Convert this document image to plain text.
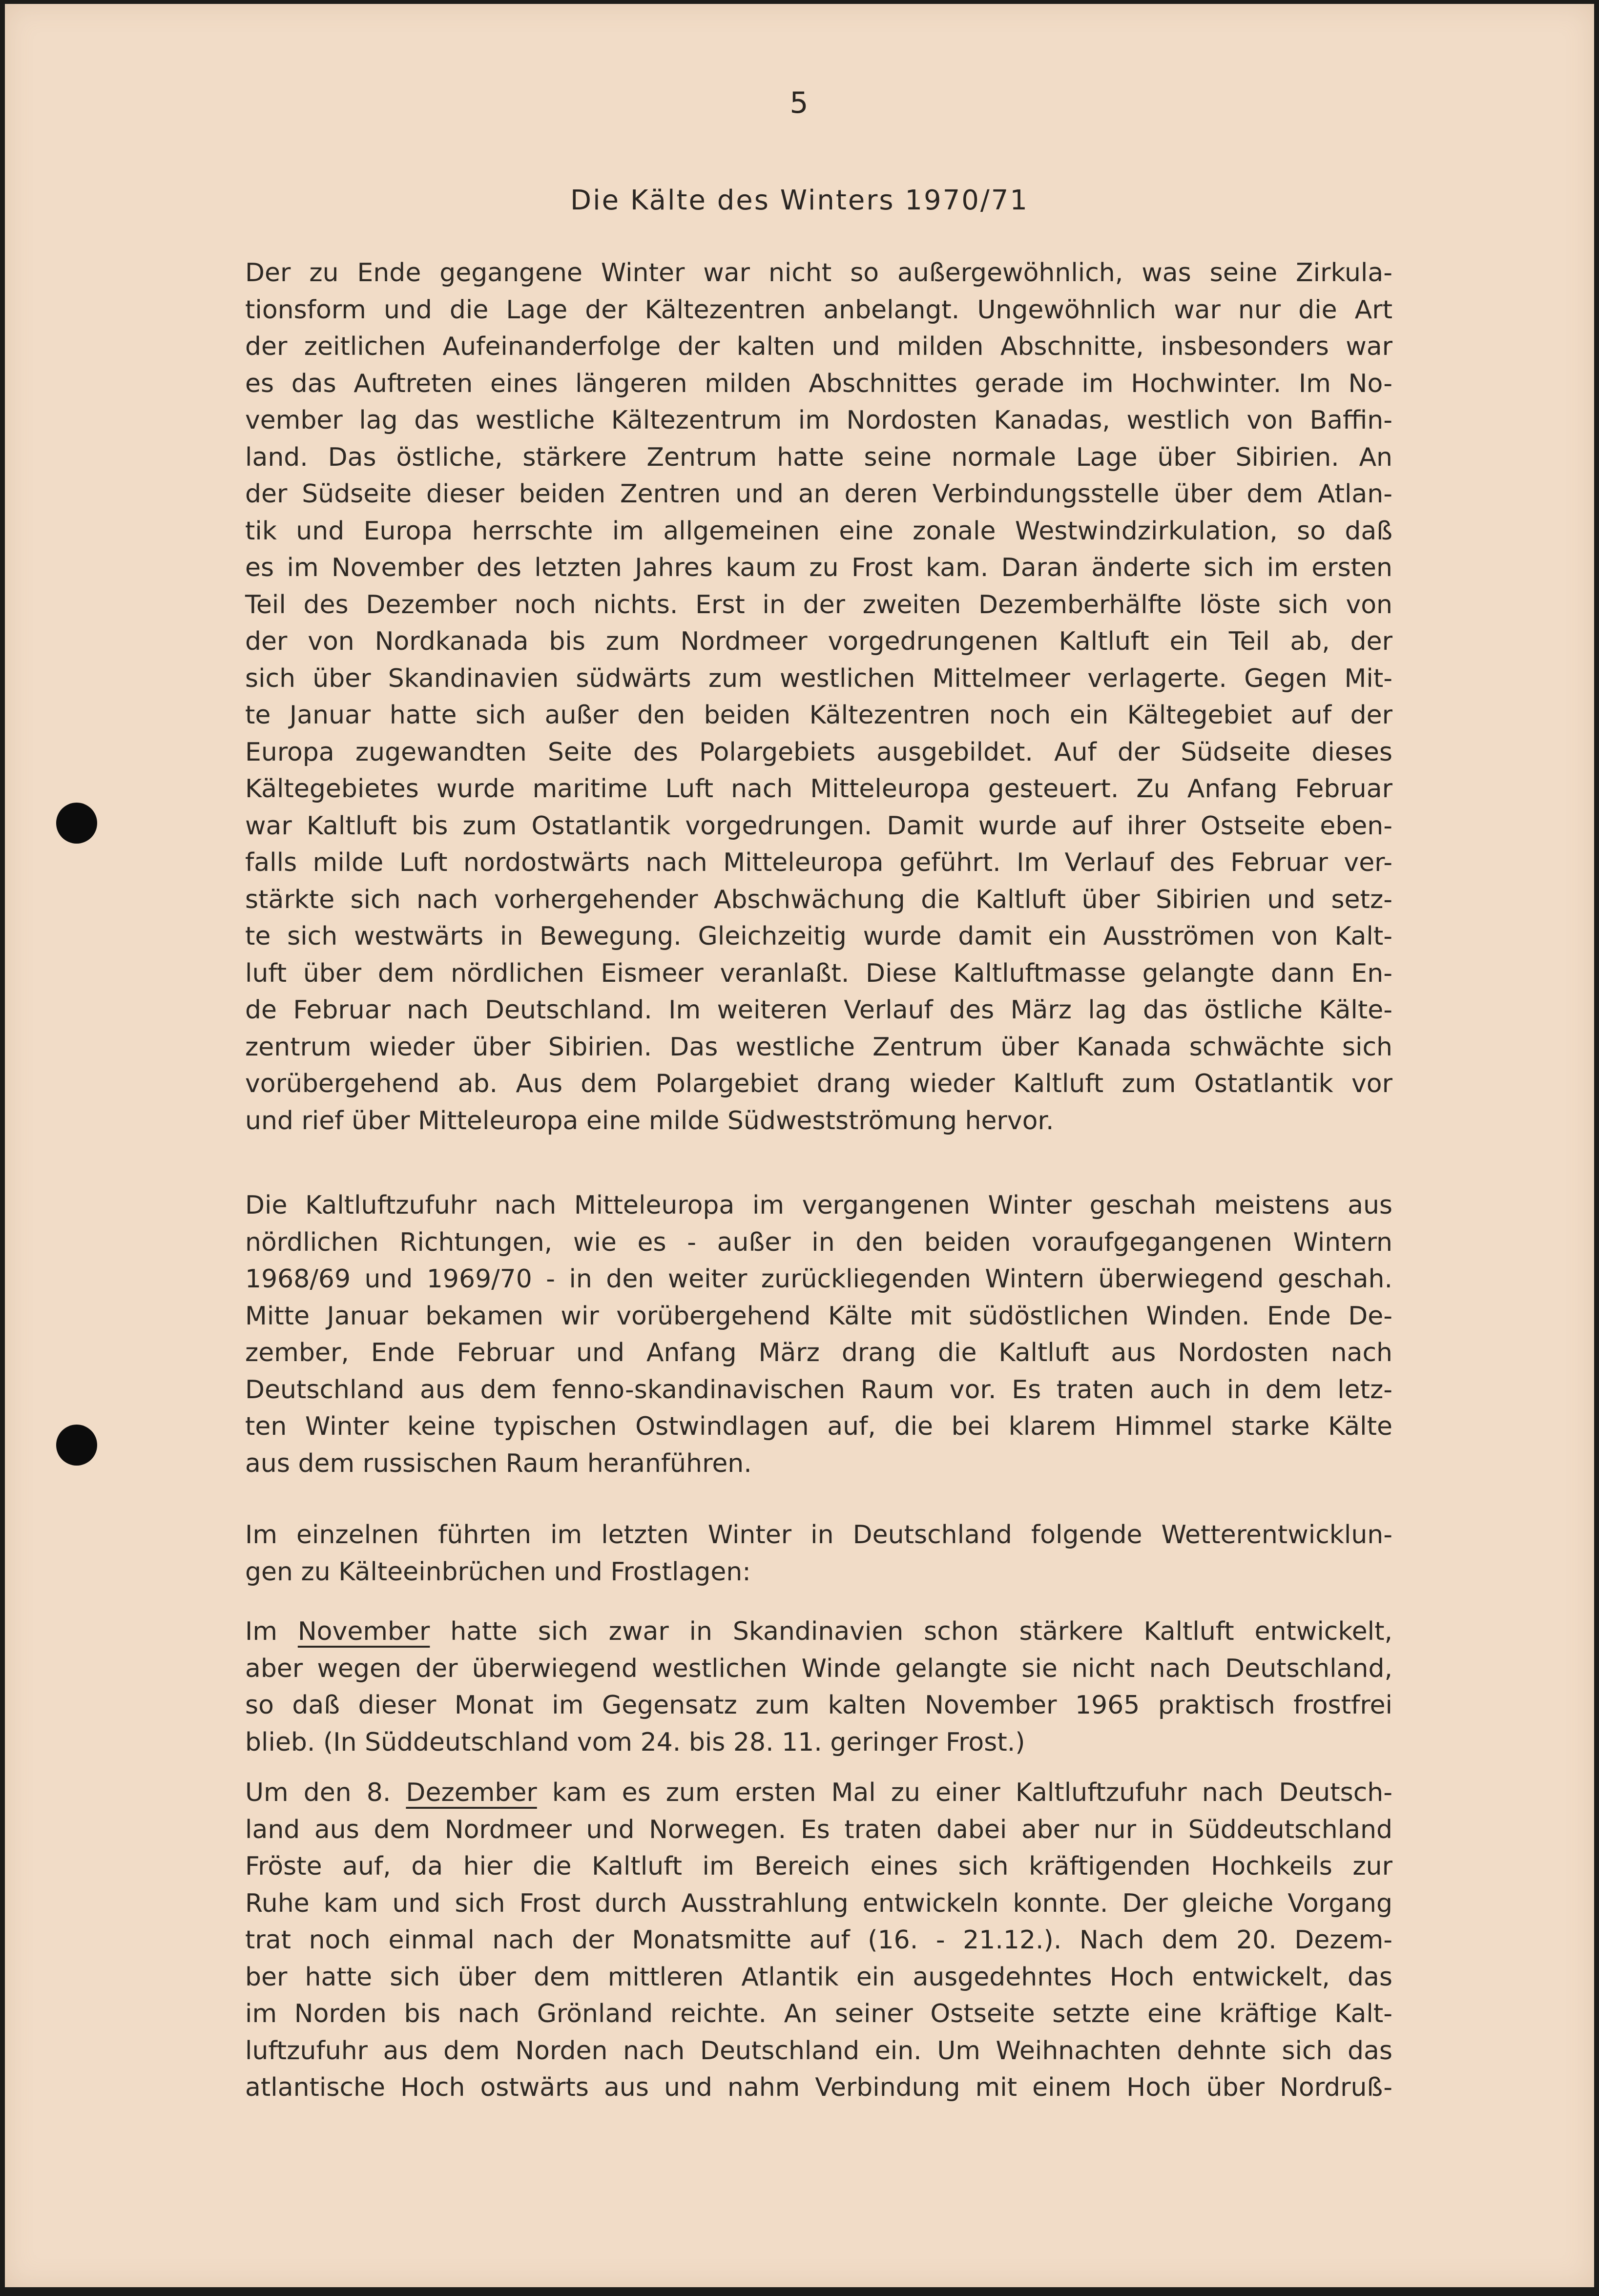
5
Die Kälte des Winters 1970/71
Der zu Ende gegangene Winter war nicht so außergewöhnlich, was seine Zirkula-
tionsform und die Lage der Kältezentren anbelangt. Ungewöhnlich war nur die Art
der zeitlichen Aufeinanderfolge der kalten und milden Abschnitte, insbesonders war
es das Auftreten eines längeren milden Abschnittes gerade im Hochwinter. Im No-
vember lag das westliche Kältezentrum im Nordosten Kanadas, westlich von Baffin-
land. Das östliche, stärkere Zentrum hatte seine normale Lage über Sibirien. An
der Südseite dieser beiden Zentren und an deren Verbindungsstelle über dem Atlan-
tik und Europa herrschte im allgemeinen eine zonale Westwindzirkulation, so daß
es im November des letzten Jahres kaum zu Frost kam. Daran änderte sich im ersten
Teil des Dezember noch nichts. Erst in der zweiten Dezemberhälfte löste sich von
der von Nordkanada bis zum Nordmeer vorgedrungenen Kaltluft ein Teil ab, der
sich über Skandinavien südwärts zum westlichen Mittelmeer verlagerte. Gegen Mit-
te Januar hatte sich außer den beiden Kältezentren noch ein Kältegebiet auf der
Europa zugewandten Seite des Polargebiets ausgebildet. Auf der Südseite dieses
Kältegebietes wurde maritime Luft nach Mitteleuropa gesteuert. Zu Anfang Februar
war Kaltluft bis zum Ostatlantik vorgedrungen. Damit wurde auf ihrer Ostseite eben-
falls milde Luft nordostwärts nach Mitteleuropa geführt. Im Verlauf des Februar ver-
stärkte sich nach vorhergehender Abschwächung die Kaltluft über Sibirien und setz-
te sich westwärts in Bewegung. Gleichzeitig wurde damit ein Ausströmen von Kalt-
luft über dem nördlichen Eismeer veranlaßt. Diese Kaltluftmasse gelangte dann En-
de Februar nach Deutschland. Im weiteren Verlauf des März lag das östliche Kälte-
zentrum wieder über Sibirien. Das westliche Zentrum über Kanada schwächte sich
vorübergehend ab. Aus dem Polargebiet drang wieder Kaltluft zum Ostatlantik vor
und rief über Mitteleuropa eine milde Südwestströmung hervor.
Die Kaltluftzufuhr nach Mitteleuropa im vergangenen Winter geschah meistens aus
nördlichen Richtungen, wie es - außer in den beiden voraufgegangenen Wintern
1968/69 und 1969/70 - in den weiter zurückliegenden Wintern überwiegend geschah.
Mitte Januar bekamen wir vorübergehend Kälte mit südöstlichen Winden. Ende De-
zember, Ende Februar und Anfang März drang die Kaltluft aus Nordosten nach
Deutschland aus dem fenno-skandinavischen Raum vor. Es traten auch in dem letz-
ten Winter keine typischen Ostwindlagen auf, die bei klarem Himmel starke Kälte
aus dem russischen Raum heranführen.
Im einzelnen führten im letzten Winter in Deutschland folgende Wetterentwicklun-
gen zu Kälteeinbrüchen und Frostlagen:
Im November hatte sich zwar in Skandinavien schon stärkere Kaltluft entwickelt,
aber wegen der überwiegend westlichen Winde gelangte sie nicht nach Deutschland,
so daß dieser Monat im Gegensatz zum kalten November 1965 praktisch frostfrei
blieb. (In Süddeutschland vom 24. bis 28. 11. geringer Frost.)
Um den 8. Dezember kam es zum ersten Mal zu einer Kaltluftzufuhr nach Deutsch-
land aus dem Nordmeer und Norwegen. Es traten dabei aber nur in Süddeutschland
Fröste auf, da hier die Kaltluft im Bereich eines sich kräftigenden Hochkeils zur
Ruhe kam und sich Frost durch Ausstrahlung entwickeln konnte. Der gleiche Vorgang
trat noch einmal nach der Monatsmitte auf (16. - 21.12.). Nach dem 20. Dezem-
ber hatte sich über dem mittleren Atlantik ein ausgedehntes Hoch entwickelt, das
im Norden bis nach Grönland reichte. An seiner Ostseite setzte eine kräftige Kalt-
luftzufuhr aus dem Norden nach Deutschland ein. Um Weihnachten dehnte sich das
atlantische Hoch ostwärts aus und nahm Verbindung mit einem Hoch über Nordruß-
